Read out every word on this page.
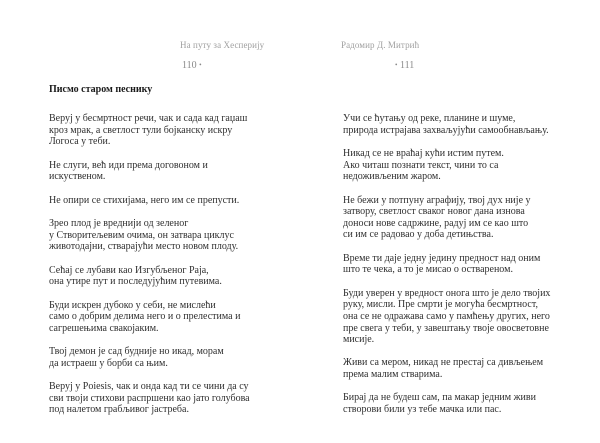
На путу за Хесперију
110 •
Писмо старом песнику
Веруј у бесмртност речи, чак и сада кад гаџаш
кроз мрак, а светлост тули бојканску искру
Логоса у теби.
Не слуги, већ иди према договоном и
искуственом.
Не опири се стихијама, него им се препусти.
Зрео плод је вреднији од зеленог
у Створитељевим очима, он затвара циклус
животодајни, стварајући место новом плоду.
Сећај се лубави као Изгубљеног Раја,
она утире пут и последујућим путевима.
Буди искрен дубоко у себи, не мислећи
само о добрим делима него и о прелестима и
сагрешењима свакојаким.
Твој демон је сад будније но икад, морам
да истраеш у борби са њим.
Веруј у Poiesis, чак и онда кад ти се чини да су
сви твоји стихови распршени као јато голубова
под налетом грабљивог јастреба.
Радомир Д. Митрић
• 111
Учи се ћутању од реке, планине и шуме,
природа истрајава захваљујући самообнављању.
Никад се не враћај кући истим путем.
Ако читаш познати текст, чини то са
недоживљеним жаром.
Не бежи у потпуну аграфију, твој дух није у
затвору, светлост сваког новог дана изнова
доноси нове садржине, радуј им се као што
си им се радовао у доба детињства.
Време ти даје једну једину предност над оним
што те чека, а то је мисао о оствареном.
Буди уверен у вредност онога што је дело твојих
руку, мисли. Пре смрти је могућа бесмртност,
она се не одражава само у памћењу других, него
пре свега у теби, у завештању твоје овосветовне
мисије.
Живи са мером, никад не престај са дивљењем
према малим стварима.
Бирај да не будеш сам, па макар једним живи
створови били уз тебе мачка или пас.
